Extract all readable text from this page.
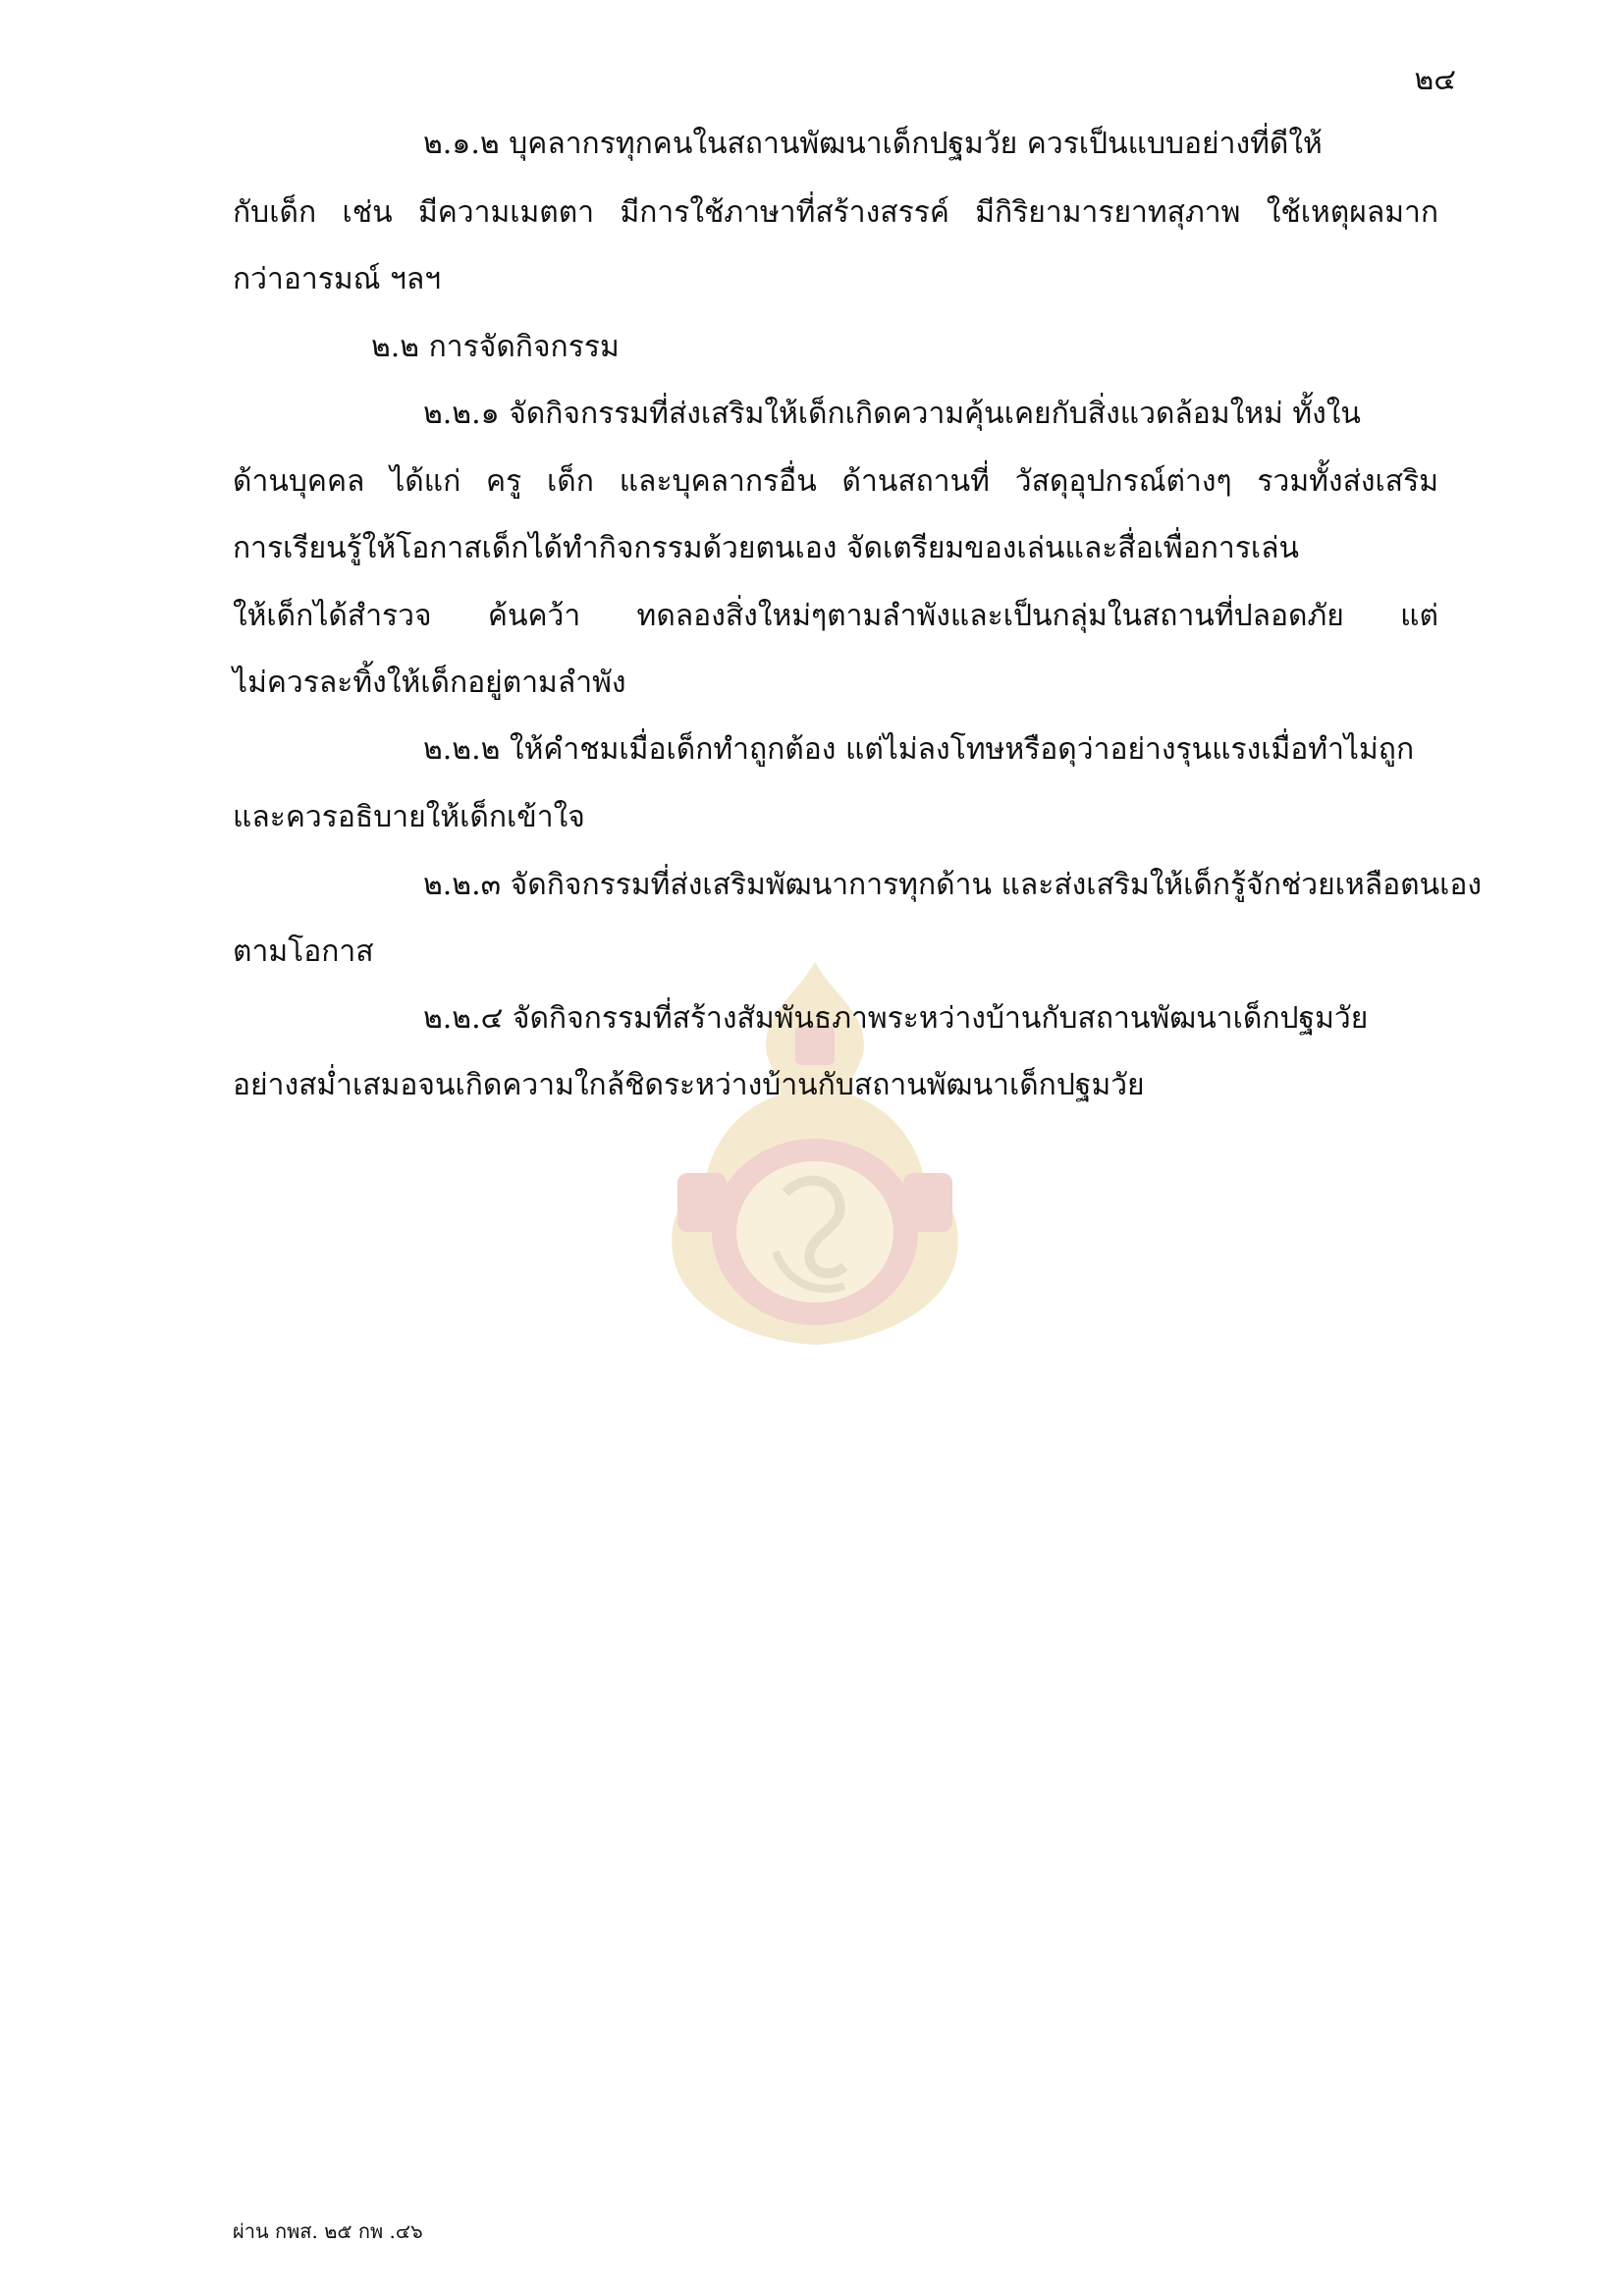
๒๔
๒.๑.๒ บุคลากรทุกคนในสถานพัฒนาเด็กปฐมวัย ควรเป็นแบบอย่างที่ดีให้
กับเด็ก เช่น มีความเมตตา มีการใช้ภาษาที่สร้างสรรค์ มีกิริยามารยาทสุภาพ ใช้เหตุผลมาก
กว่าอารมณ์ ฯลฯ
๒.๒ การจัดกิจกรรม
๒.๒.๑ จัดกิจกรรมที่ส่งเสริมให้เด็กเกิดความคุ้นเคยกับสิ่งแวดล้อมใหม่ ทั้งใน
ด้านบุคคล ได้แก่ ครู เด็ก และบุคลากรอื่น ด้านสถานที่ วัสดุอุปกรณ์ต่างๆ รวมทั้งส่งเสริม
การเรียนรู้ให้โอกาสเด็กได้ทำกิจกรรมด้วยตนเอง จัดเตรียมของเล่นและสื่อเพื่อการเล่น
ให้เด็กได้สำรวจ ค้นคว้า ทดลองสิ่งใหม่ๆตามลำพังและเป็นกลุ่มในสถานที่ปลอดภัย แต่
ไม่ควรละทิ้งให้เด็กอยู่ตามลำพัง
๒.๒.๒ ให้คำชมเมื่อเด็กทำถูกต้อง แต่ไม่ลงโทษหรือดุว่าอย่างรุนแรงเมื่อทำไม่ถูก
และควรอธิบายให้เด็กเข้าใจ
๒.๒.๓ จัดกิจกรรมที่ส่งเสริมพัฒนาการทุกด้าน และส่งเสริมให้เด็กรู้จักช่วยเหลือตนเอง
ตามโอกาส
๒.๒.๔ จัดกิจกรรมที่สร้างสัมพันธภาพระหว่างบ้านกับสถานพัฒนาเด็กปฐมวัย
อย่างสม่ำเสมอจนเกิดความใกล้ชิดระหว่างบ้านกับสถานพัฒนาเด็กปฐมวัย
ผ่าน กพส. ๒๕ กพ .๔๖
